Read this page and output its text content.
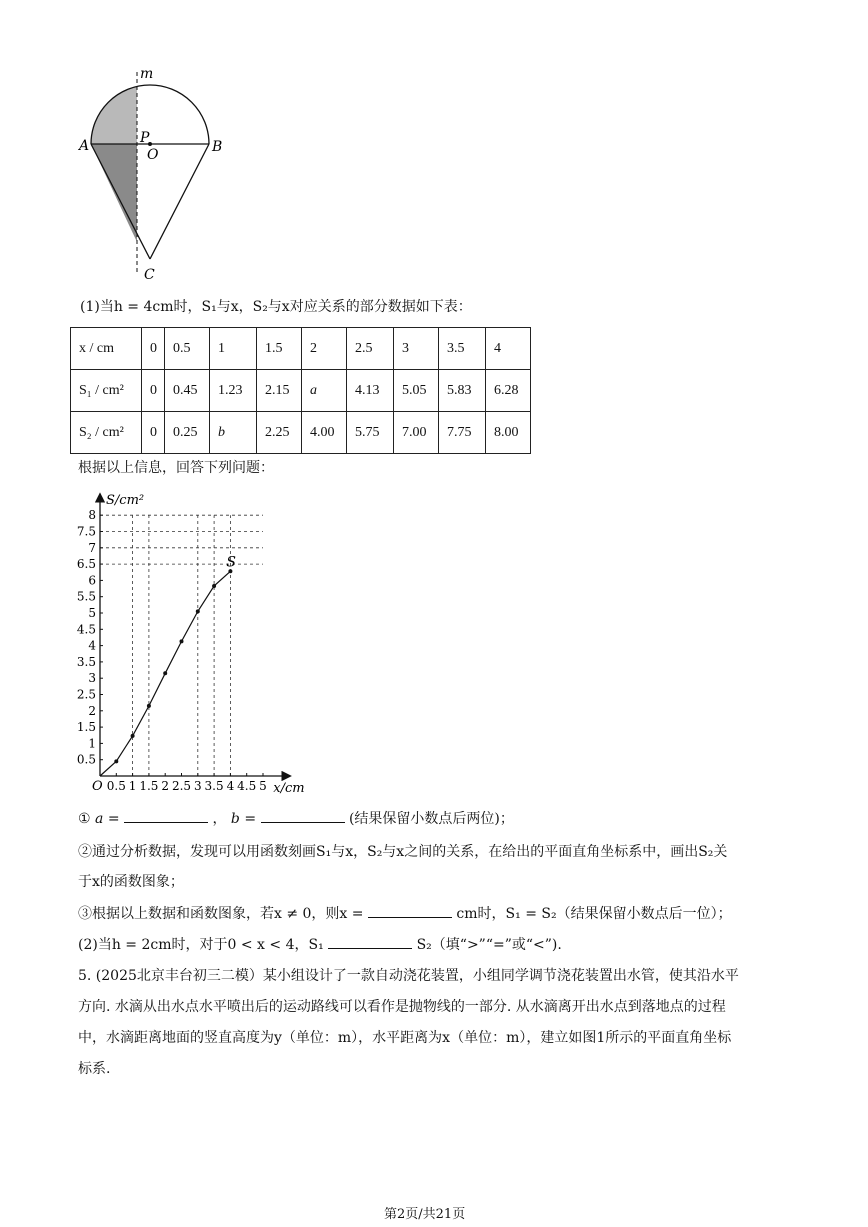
m
A	P
O	B
C
(1)当h = 4cm时，S₁与x，S₂与x对应关系的部分数据如下表：
x / cm	0	0.5	1	1.5	2	2.5	3	3.5	4
S₁ / cm²	0	0.45	1.23	2.15	a	4.13	5.05	5.83	6.28
S₂ / cm²	0	0.25	b	2.25	4.00	5.75	7.00	7.75	8.00
根据以上信息，回答下列问题：
0.5 1 1.5 2 2.5 3 3.5 4 4.5 5
0.5
1
1.5
2
2.5
3
3.5
4
4.5
5
5.5
6
6.5
7
7.5
8
S/cm²
x/cm
O
S
① a =	， b =	(结果保留小数点后两位)；
②通过分析数据，发现可以用函数刻画S₁与x，S₂与x之间的关系，在给出的平面直角坐标系中，画出S₂关
于x的函数图象；
③根据以上数据和函数图象，若x ≠ 0，则x =	cm时，S₁ = S₂（结果保留小数点后一位）；
(2)当h = 2cm时，对于0 < x < 4，S₁	S₂（填“>”“=”或“<”).
5. (2025北京丰台初三二模）某小组设计了一款自动浇花装置，小组同学调节浇花装置出水管，使其沿水平
方向. 水滴从出水点水平喷出后的运动路线可以看作是抛物线的一部分. 从水滴离开出水点到落地点的过程
中，水滴距离地面的竖直高度为y（单位：m），水平距离为x（单位：m），建立如图1所示的平面直角坐标
标系.
第2页/共21页
